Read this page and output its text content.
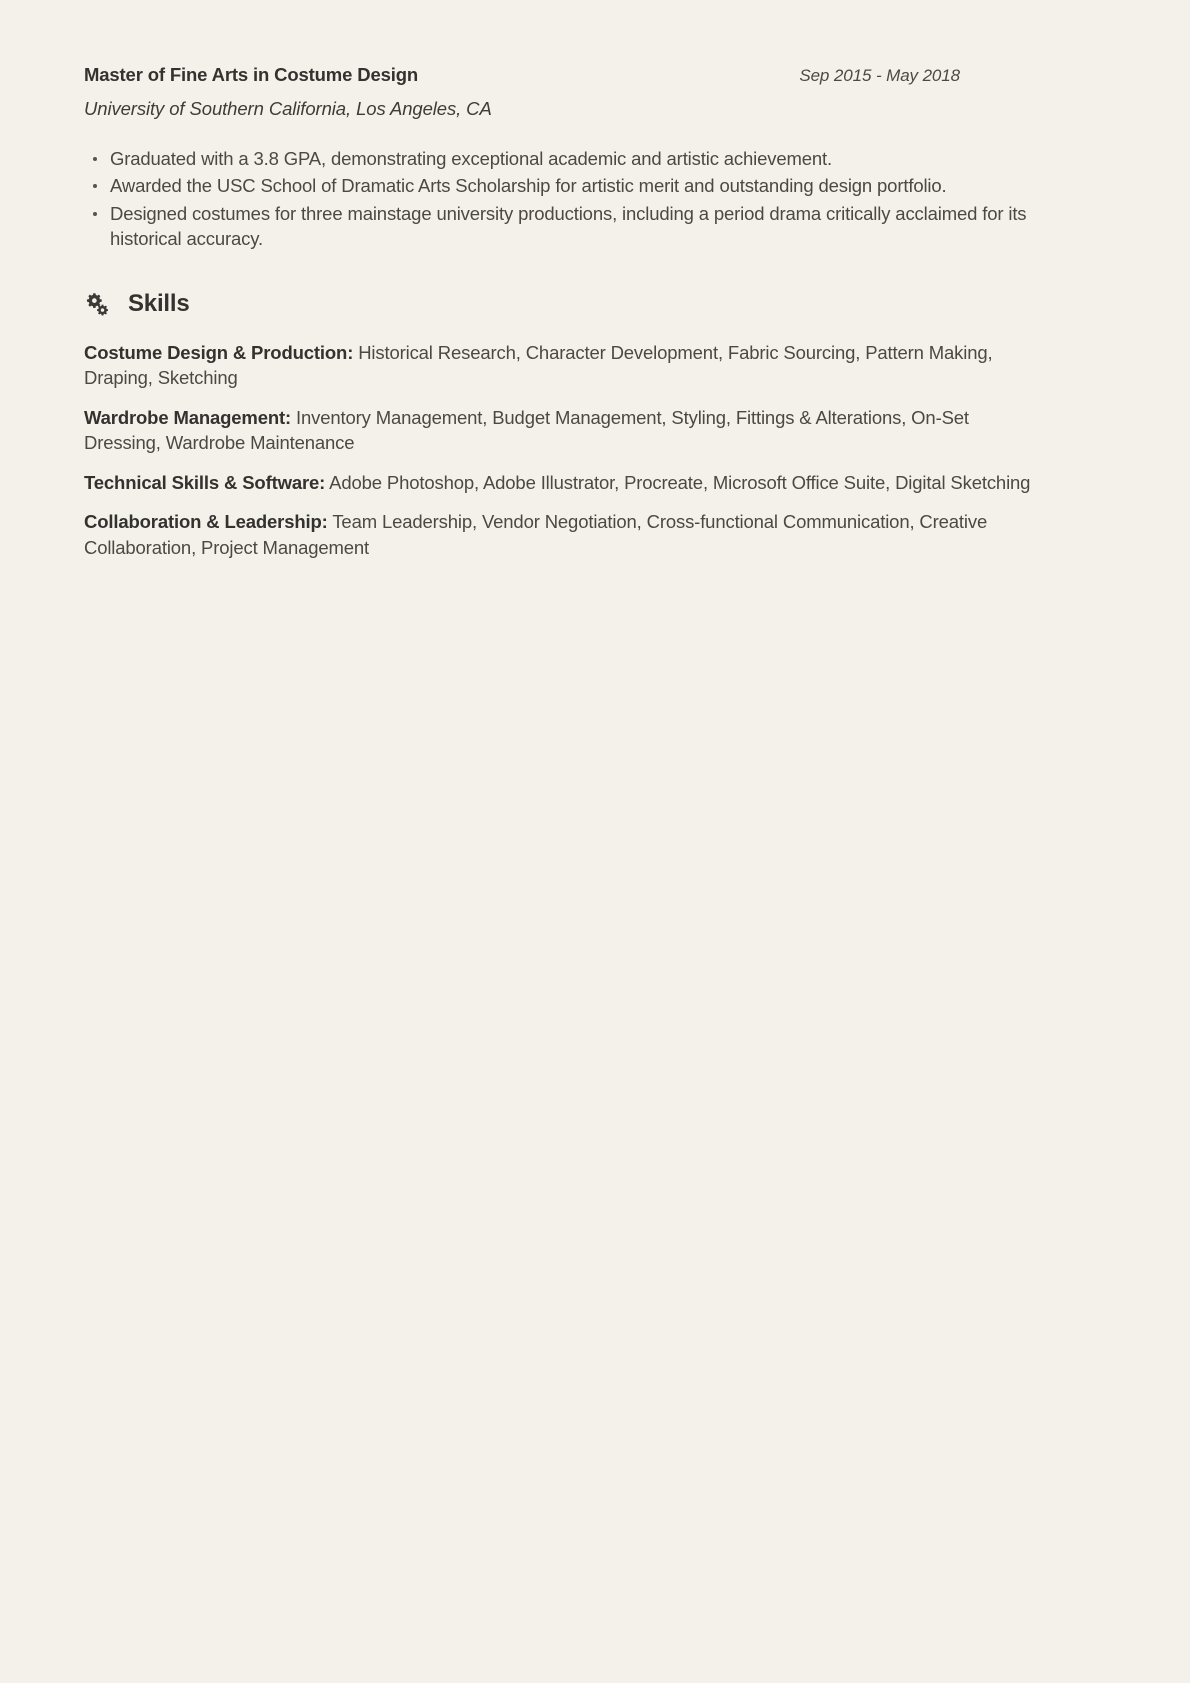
Master of Fine Arts in Costume Design	Sep 2015 - May 2018
University of Southern California, Los Angeles, CA
Graduated with a 3.8 GPA, demonstrating exceptional academic and artistic achievement.
Awarded the USC School of Dramatic Arts Scholarship for artistic merit and outstanding design portfolio.
Designed costumes for three mainstage university productions, including a period drama critically acclaimed for its historical accuracy.
Skills
Costume Design & Production: Historical Research, Character Development, Fabric Sourcing, Pattern Making, Draping, Sketching
Wardrobe Management: Inventory Management, Budget Management, Styling, Fittings & Alterations, On-Set Dressing, Wardrobe Maintenance
Technical Skills & Software: Adobe Photoshop, Adobe Illustrator, Procreate, Microsoft Office Suite, Digital Sketching
Collaboration & Leadership: Team Leadership, Vendor Negotiation, Cross-functional Communication, Creative Collaboration, Project Management
